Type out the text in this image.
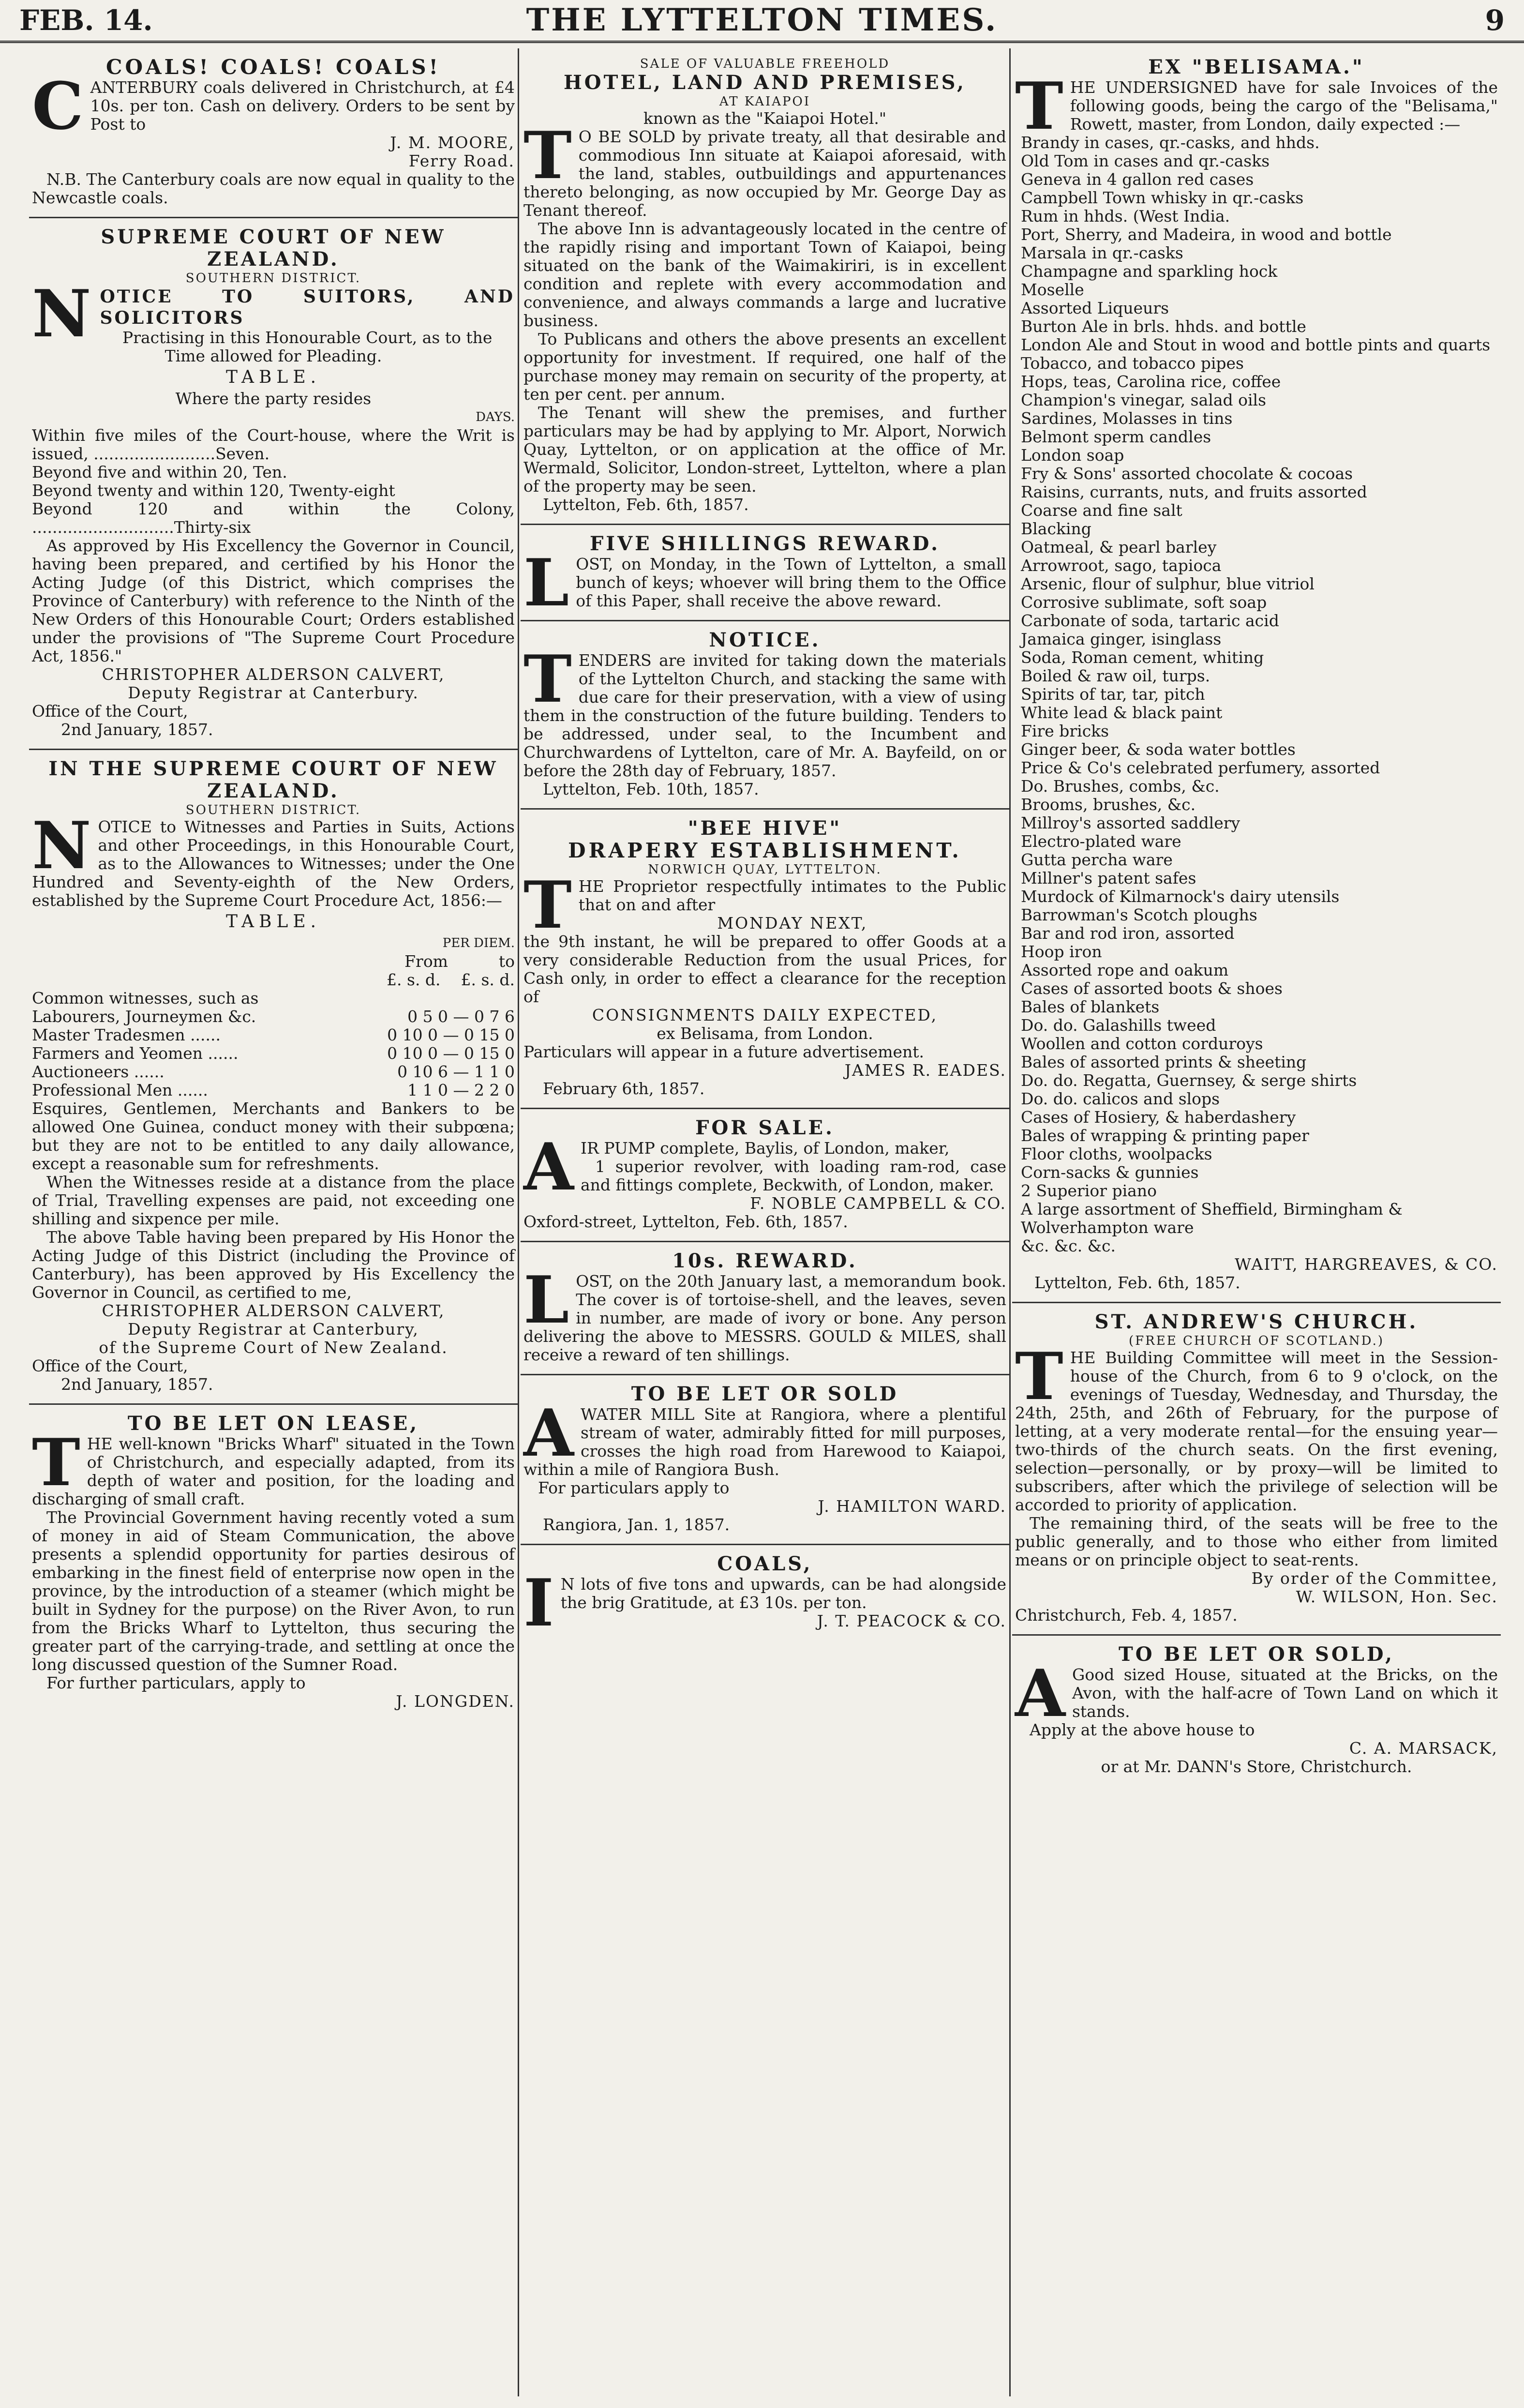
FEB. 14.	THE LYTTELTON TIMES.	9
COALS! COALS! COALS!

CANTERBURY coals delivered in Christchurch, at £4 10s. per ton. Cash on delivery. Orders to be sent by Post to

J. M. MOORE,
Ferry Road.

N.B. The Canterbury coals are now equal in quality to the Newcastle coals.

SUPREME COURT OF NEW ZEALAND.
SOUTHERN DISTRICT.

NOTICE TO SUITORS, AND SOLICITORS

Practising in this Honourable Court, as to the Time allowed for Pleading.

TABLE.
Where the party resides
DAYS.

Within five miles of the Court-house, where the Writ is issued, ........................Seven.

Beyond five and within 20, Ten.

Beyond twenty and within 120, Twenty-eight

Beyond 120 and within the Colony, ............................Thirty-six

As approved by His Excellency the Governor in Council, having been prepared, and certified by his Honor the Acting Judge (of this District, which comprises the Province of Canterbury) with reference to the Ninth of the New Orders of this Honourable Court; Orders established under the provisions of "The Supreme Court Procedure Act, 1856."

CHRISTOPHER ALDERSON CALVERT,
Deputy Registrar at Canterbury.
Office of the Court,
2nd January, 1857.
IN THE SUPREME COURT OF NEW ZEALAND.
SOUTHERN DISTRICT.

NOTICE to Witnesses and Parties in Suits, Actions and other Proceedings, in this Honourable Court, as to the Allowances to Witnesses; under the One Hundred and Seventy-eighth of the New Orders, established by the Supreme Court Procedure Act, 1856:—

TABLE.
PER DIEM.
From          to
£. s. d.    £. s. d.
Common witnesses, such as
Labourers, Journeymen &c.	0 5 0 — 0 7 6
Master Tradesmen ......	0 10 0 — 0 15 0
Farmers and Yeomen ......	0 10 0 — 0 15 0
Auctioneers ......	0 10 6 — 1 1 0
Professional Men ......	1 1 0 — 2 2 0

Esquires, Gentlemen, Merchants and Bankers to be allowed One Guinea, conduct money with their subpœna; but they are not to be entitled to any daily allowance, except a reasonable sum for refreshments.

When the Witnesses reside at a distance from the place of Trial, Travelling expenses are paid, not exceeding one shilling and sixpence per mile.

The above Table having been prepared by His Honor the Acting Judge of this District (including the Province of Canterbury), has been approved by His Excellency the Governor in Council, as certified to me,

CHRISTOPHER ALDERSON CALVERT,
Deputy Registrar at Canterbury,
of the Supreme Court of New Zealand.
Office of the Court,
2nd January, 1857.
TO BE LET ON LEASE,

THE well-known "Bricks Wharf" situated in the Town of Christchurch, and especially adapted, from its depth of water and position, for the loading and discharging of small craft.

The Provincial Government having recently voted a sum of money in aid of Steam Communication, the above presents a splendid opportunity for parties desirous of embarking in the finest field of enterprise now open in the province, by the introduction of a steamer (which might be built in Sydney for the purpose) on the River Avon, to run from the Bricks Wharf to Lyttelton, thus securing the greater part of the carrying-trade, and settling at once the long discussed question of the Sumner Road.

For further particulars, apply to

J. LONGDEN.
SALE OF VALUABLE FREEHOLD
HOTEL, LAND AND PREMISES,
AT KAIAPOI
known as the "Kaiapoi Hotel."

TO BE SOLD by private treaty, all that desirable and commodious Inn situate at Kaiapoi aforesaid, with the land, stables, outbuildings and appurtenances thereto belonging, as now occupied by Mr. George Day as Tenant thereof.

The above Inn is advantageously located in the centre of the rapidly rising and important Town of Kaiapoi, being situated on the bank of the Waimakiriri, is in excellent condition and replete with every accommodation and convenience, and always commands a large and lucrative business.

To Publicans and others the above presents an excellent opportunity for investment. If required, one half of the purchase money may remain on security of the property, at ten per cent. per annum.

The Tenant will shew the premises, and further particulars may be had by applying to Mr. Alport, Norwich Quay, Lyttelton, or on application at the office of Mr. Wermald, Solicitor, London-street, Lyttelton, where a plan of the property may be seen.

Lyttelton, Feb. 6th, 1857.
FIVE SHILLINGS REWARD.

LOST, on Monday, in the Town of Lyttelton, a small bunch of keys; whoever will bring them to the Office of this Paper, shall receive the above reward.

NOTICE.

TENDERS are invited for taking down the materials of the Lyttelton Church, and stacking the same with due care for their preservation, with a view of using them in the construction of the future building. Tenders to be addressed, under seal, to the Incumbent and Churchwardens of Lyttelton, care of Mr. A. Bayfeild, on or before the 28th day of February, 1857.

Lyttelton, Feb. 10th, 1857.
"BEE HIVE"
DRAPERY ESTABLISHMENT.
NORWICH QUAY, LYTTELTON.

THE Proprietor respectfully intimates to the Public that on and after

MONDAY NEXT,

the 9th instant, he will be prepared to offer Goods at a very considerable Reduction from the usual Prices, for Cash only, in order to effect a clearance for the reception of

CONSIGNMENTS DAILY EXPECTED,
ex Belisama, from London.

Particulars will appear in a future advertisement.

JAMES R. EADES.
February 6th, 1857.
FOR SALE.

AIR PUMP complete, Baylis, of London, maker,

1 superior revolver, with loading ram-rod, case and fittings complete, Beckwith, of London, maker.

F. NOBLE CAMPBELL & CO.
Oxford-street, Lyttelton, Feb. 6th, 1857.
10s. REWARD.

LOST, on the 20th January last, a memorandum book. The cover is of tortoise-shell, and the leaves, seven in number, are made of ivory or bone. Any person delivering the above to MESSRS. GOULD & MILES, shall receive a reward of ten shillings.

TO BE LET OR SOLD

AWATER MILL Site at Rangiora, where a plentiful stream of water, admirably fitted for mill purposes, crosses the high road from Harewood to Kaiapoi, within a mile of Rangiora Bush.

For particulars apply to

J. HAMILTON WARD.
Rangiora, Jan. 1, 1857.
COALS,

IN lots of five tons and upwards, can be had alongside the brig Gratitude, at £3 10s. per ton.

J. T. PEACOCK & CO.
EX "BELISAMA."

THE UNDERSIGNED have for sale Invoices of the following goods, being the cargo of the "Belisama," Rowett, master, from London, daily expected :—

Brandy in cases, qr.-casks, and hhds.
Old Tom in cases and qr.-casks
Geneva in 4 gallon red cases
Campbell Town whisky in qr.-casks
Rum in hhds. (West India.
Port, Sherry, and Madeira, in wood and bottle
Marsala in qr.-casks
Champagne and sparkling hock
Moselle
Assorted Liqueurs
Burton Ale in brls. hhds. and bottle
London Ale and Stout in wood and bottle pints and quarts
Tobacco, and tobacco pipes
Hops, teas, Carolina rice, coffee
Champion's vinegar, salad oils
Sardines, Molasses in tins
Belmont sperm candles
London soap
Fry & Sons' assorted chocolate & cocoas
Raisins, currants, nuts, and fruits assorted
Coarse and fine salt
Blacking
Oatmeal, & pearl barley
Arrowroot, sago, tapioca
Arsenic, flour of sulphur, blue vitriol
Corrosive sublimate, soft soap
Carbonate of soda, tartaric acid
Jamaica ginger, isinglass
Soda, Roman cement, whiting
Boiled & raw oil, turps.
Spirits of tar, tar, pitch
White lead & black paint
Fire bricks
Ginger beer, & soda water bottles
Price & Co's celebrated perfumery, assorted
Do. Brushes, combs, &c.
Brooms, brushes, &c.
Millroy's assorted saddlery
Electro-plated ware
Gutta percha ware
Millner's patent safes
Murdock of Kilmarnock's dairy utensils
Barrowman's Scotch ploughs
Bar and rod iron, assorted
Hoop iron
Assorted rope and oakum
Cases of assorted boots & shoes
Bales of blankets
Do. do. Galashills tweed
Woollen and cotton corduroys
Bales of assorted prints & sheeting
Do. do. Regatta, Guernsey, & serge shirts
Do. do. calicos and slops
Cases of Hosiery, & haberdashery
Bales of wrapping & printing paper
Floor cloths, woolpacks
Corn-sacks & gunnies
2 Superior piano
A large assortment of Sheffield, Birmingham & Wolverhampton ware
&c. &c. &c.
WAITT, HARGREAVES, & CO.
Lyttelton, Feb. 6th, 1857.
ST. ANDREW'S CHURCH.
(FREE CHURCH OF SCOTLAND.)

THE Building Committee will meet in the Session-house of the Church, from 6 to 9 o'clock, on the evenings of Tuesday, Wednesday, and Thursday, the 24th, 25th, and 26th of February, for the purpose of letting, at a very moderate rental—for the ensuing year—two-thirds of the church seats. On the first evening, selection—personally, or by proxy—will be limited to subscribers, after which the privilege of selection will be accorded to priority of application.

The remaining third, of the seats will be free to the public generally, and to those who either from limited means or on principle object to seat-rents.

By order of the Committee,
W. WILSON, Hon. Sec.
Christchurch, Feb. 4, 1857.
TO BE LET OR SOLD,

AGood sized House, situated at the Bricks, on the Avon, with the half-acre of Town Land on which it stands.

Apply at the above house to
C. A. MARSACK,
or at Mr. DANN's Store, Christchurch.
